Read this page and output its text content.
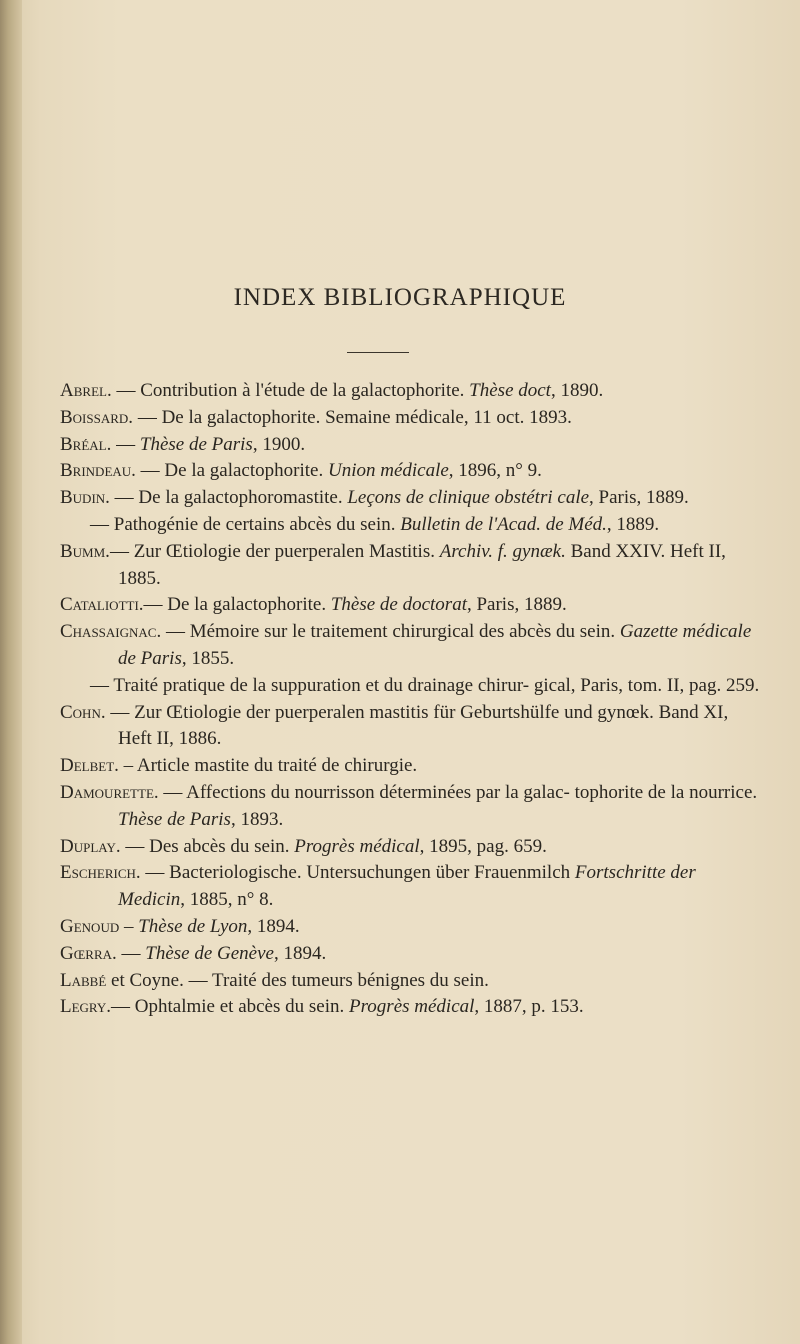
INDEX BIBLIOGRAPHIQUE

Abrel. — Contribution à l'étude de la galactophorite. Thèse doct, 1890.

Boissard. — De la galactophorite. Semaine médicale, 11 oct. 1893.

Bréal. — Thèse de Paris, 1900.

Brindeau. — De la galactophorite. Union médicale, 1896, n° 9.

Budin. — De la galactophoromastite. Leçons de clinique obstétri cale, Paris, 1889.

— Pathogénie de certains abcès du sein. Bulletin de l'Acad. de Méd., 1889.

Bumm.— Zur Œtiologie der puerperalen Mastitis. Archiv. f. gynæk. Band XXIV. Heft II, 1885.

Cataliotti.— De la galactophorite. Thèse de doctorat, Paris, 1889.

Chassaignac. — Mémoire sur le traitement chirurgical des abcès du sein. Gazette médicale de Paris, 1855.

— Traité pratique de la suppuration et du drainage chirur- gical, Paris, tom. II, pag. 259.

Cohn. — Zur Œtiologie der puerperalen mastitis für Geburtshülfe und gynœk. Band XI, Heft II, 1886.

Delbet. – Article mastite du traité de chirurgie.

Damourette. — Affections du nourrisson déterminées par la galac- tophorite de la nourrice. Thèse de Paris, 1893.

Duplay. — Des abcès du sein. Progrès médical, 1895, pag. 659.

Escherich. — Bacteriologische. Untersuchungen über Frauenmilch Fortschritte der Medicin, 1885, n° 8.

Genoud – Thèse de Lyon, 1894.

Gœrra. — Thèse de Genève, 1894.

Labbé et Coyne. — Traité des tumeurs bénignes du sein.

Legry.— Ophtalmie et abcès du sein. Progrès médical, 1887, p. 153.
